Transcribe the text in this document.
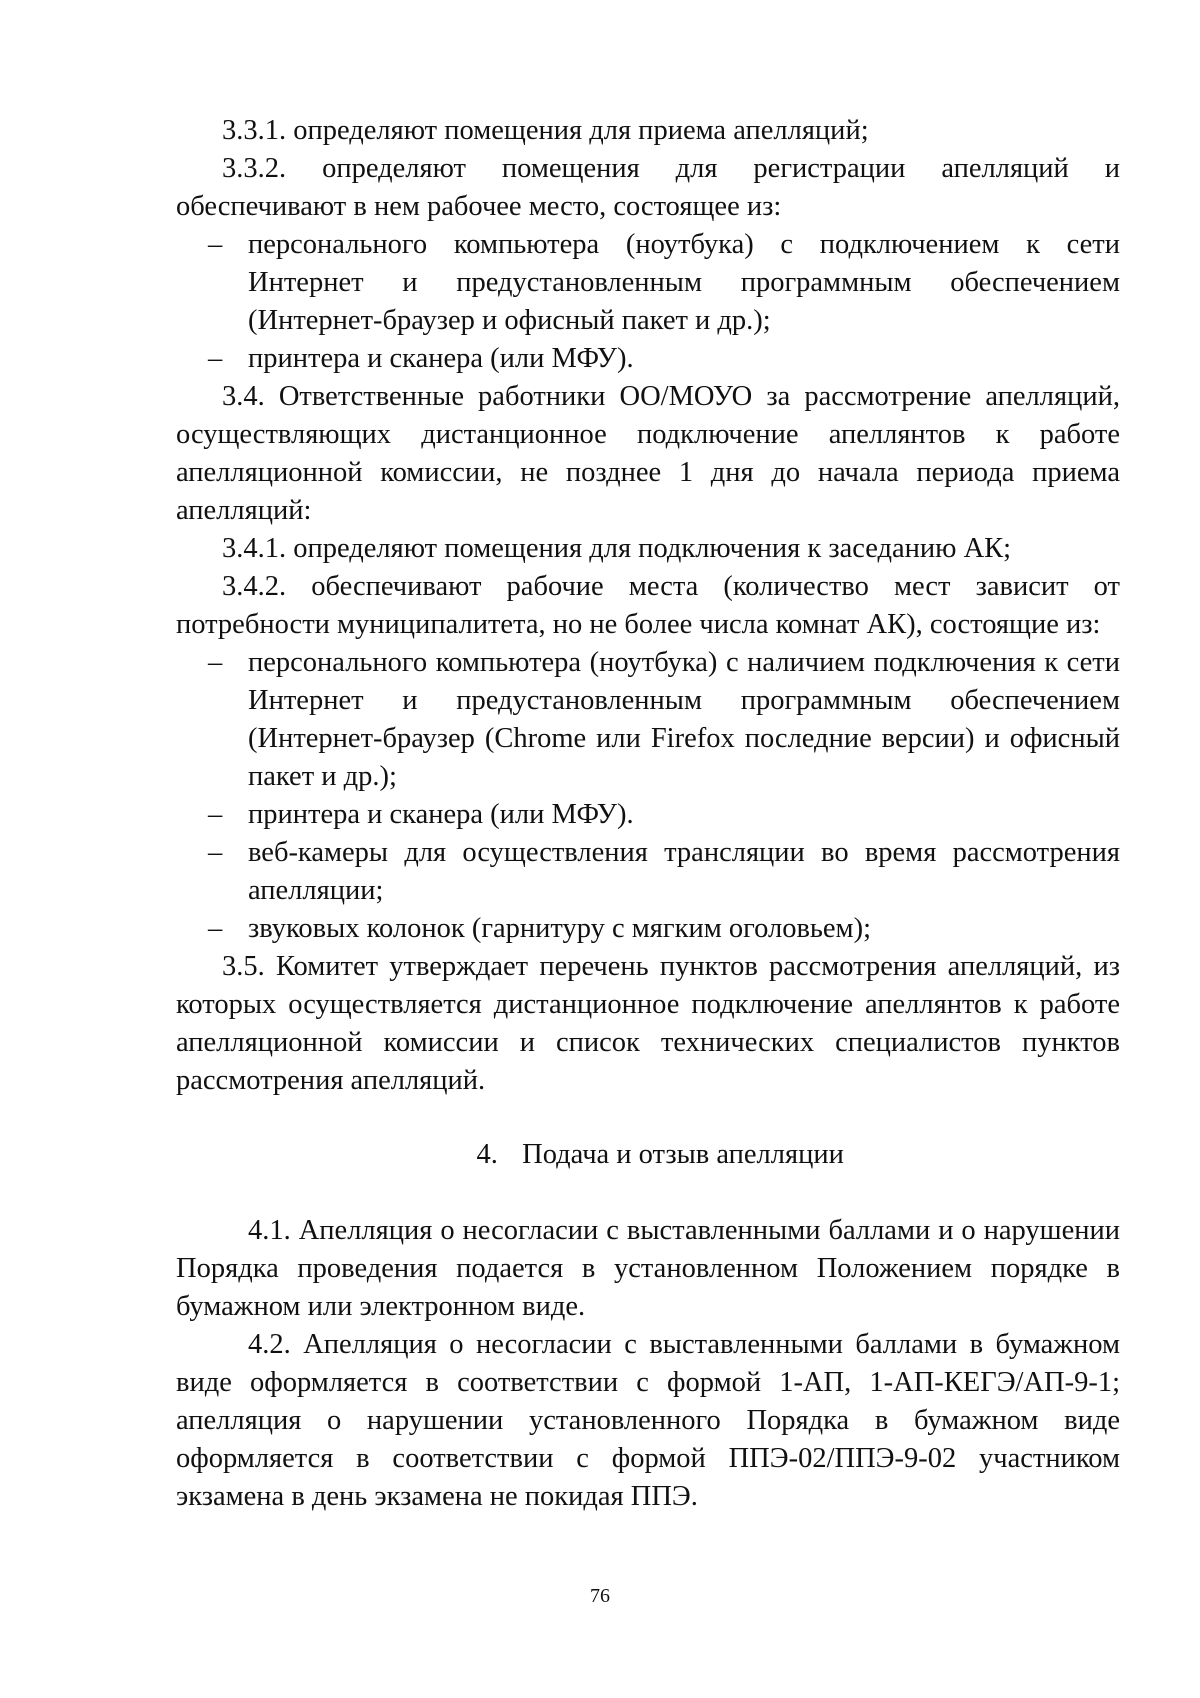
3.3.1. определяют помещения для приема апелляций;

3.3.2. определяют помещения для регистрации апелляций и обеспечивают в нем рабочее место, состоящее из:

– персонального компьютера (ноутбука) с подключением к сети Интернет и предустановленным программным обеспечением (Интернет-браузер и офисный пакет и др.);

– принтера и сканера (или МФУ).

3.4. Ответственные работники ОО/МОУО за рассмотрение апелляций, осуществляющих дистанционное подключение апеллянтов к работе апелляционной комиссии, не позднее 1 дня до начала периода приема апелляций:

3.4.1. определяют помещения для подключения к заседанию АК;

3.4.2. обеспечивают рабочие места (количество мест зависит от потребности муниципалитета, но не более числа комнат АК), состоящие из:

– персонального компьютера (ноутбука) с наличием подключения к сети Интернет и предустановленным программным обеспечением (Интернет-браузер (Chrome или Firefox последние версии) и офисный пакет и др.);

– принтера и сканера (или МФУ).

– веб-камеры для осуществления трансляции во время рассмотрения апелляции;

– звуковых колонок (гарнитуру с мягким оголовьем);

3.5. Комитет утверждает перечень пунктов рассмотрения апелляций, из которых осуществляется дистанционное подключение апеллянтов к работе апелляционной комиссии и список технических специалистов пунктов рассмотрения апелляций.

4. Подача и отзыв апелляции

4.1. Апелляция о несогласии с выставленными баллами и о нарушении Порядка проведения подается в установленном Положением порядке в бумажном или электронном виде.

4.2. Апелляция о несогласии с выставленными баллами в бумажном виде оформляется в соответствии с формой 1-АП, 1-АП-КЕГЭ/АП-9-1; апелляция о нарушении установленного Порядка в бумажном виде оформляется в соответствии с формой ППЭ-02/ППЭ-9-02 участником экзамена в день экзамена не покидая ППЭ.

76
